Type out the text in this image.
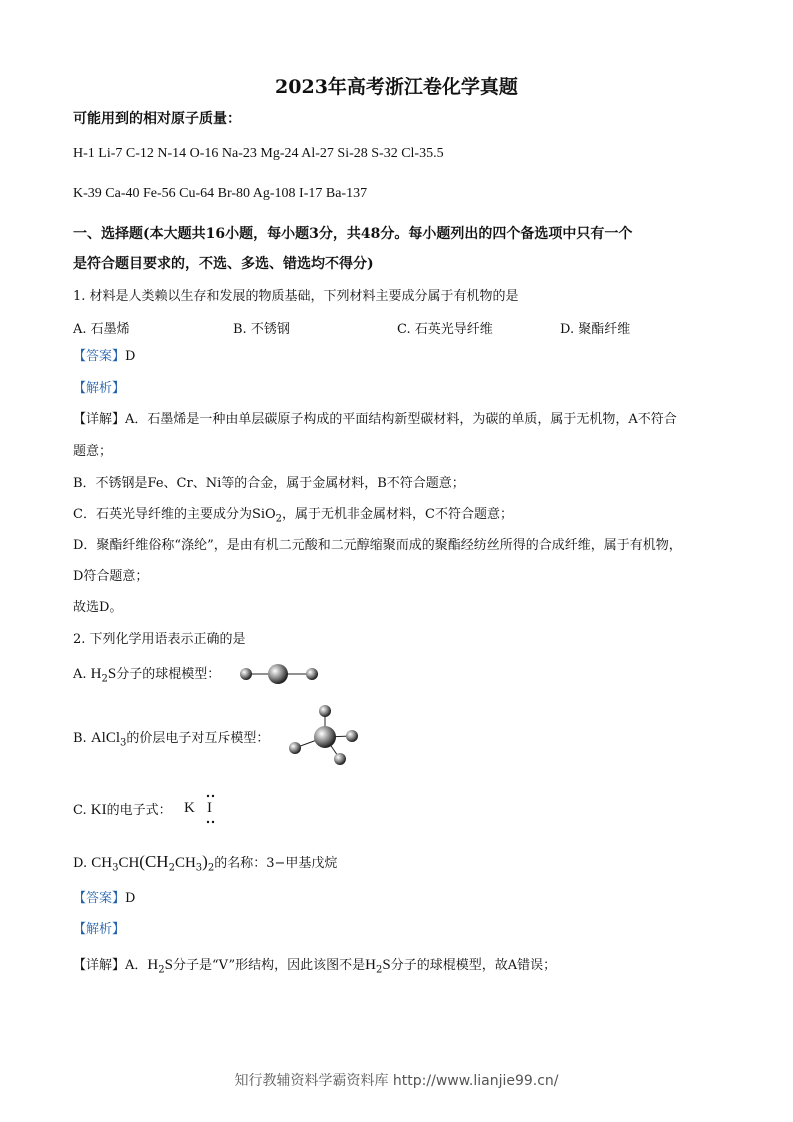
2023年高考浙江卷化学真题
可能用到的相对原子质量：
H-1 Li-7 C-12 N-14 O-16 Na-23 Mg-24 Al-27 Si-28 S-32 Cl-35.5
K-39 Ca-40 Fe-56 Cu-64 Br-80 Ag-108 I-17 Ba-137
一、选择题(本大题共16小题，每小题3分，共48分。每小题列出的四个备选项中只有一个
是符合题目要求的，不选、多选、错选均不得分)
1. 材料是人类赖以生存和发展的物质基础，下列材料主要成分属于有机物的是
A. 石墨烯	B. 不锈钢	C. 石英光导纤维	D. 聚酯纤维
【答案】D
【解析】
【详解】A．石墨烯是一种由单层碳原子构成的平面结构新型碳材料，为碳的单质，属于无机物，A不符合
题意；
B．不锈钢是Fe、Cr、Ni等的合金，属于金属材料，B不符合题意；
C．石英光导纤维的主要成分为SiO$_2$，属于无机非金属材料，C不符合题意；
D．聚酯纤维俗称“涤纶”，是由有机二元酸和二元醇缩聚而成的聚酯经纺丝所得的合成纤维，属于有机物，
D符合题意；
故选D。
2. 下列化学用语表示正确的是
A. $H_2S$分子的球棍模型：
B. AlCl$_3$的价层电子对互斥模型：
C. KI的电子式： K I
D. $CH_3CH(CH_2CH_3)_2$的名称：3−甲基戊烷
【答案】D
【解析】
【详解】A．$H_2S$分子是“V”形结构，因此该图不是$H_2S$分子的球棍模型，故A错误；
知行教辅资料学霸资料库 http://www.lianjie99.cn/
